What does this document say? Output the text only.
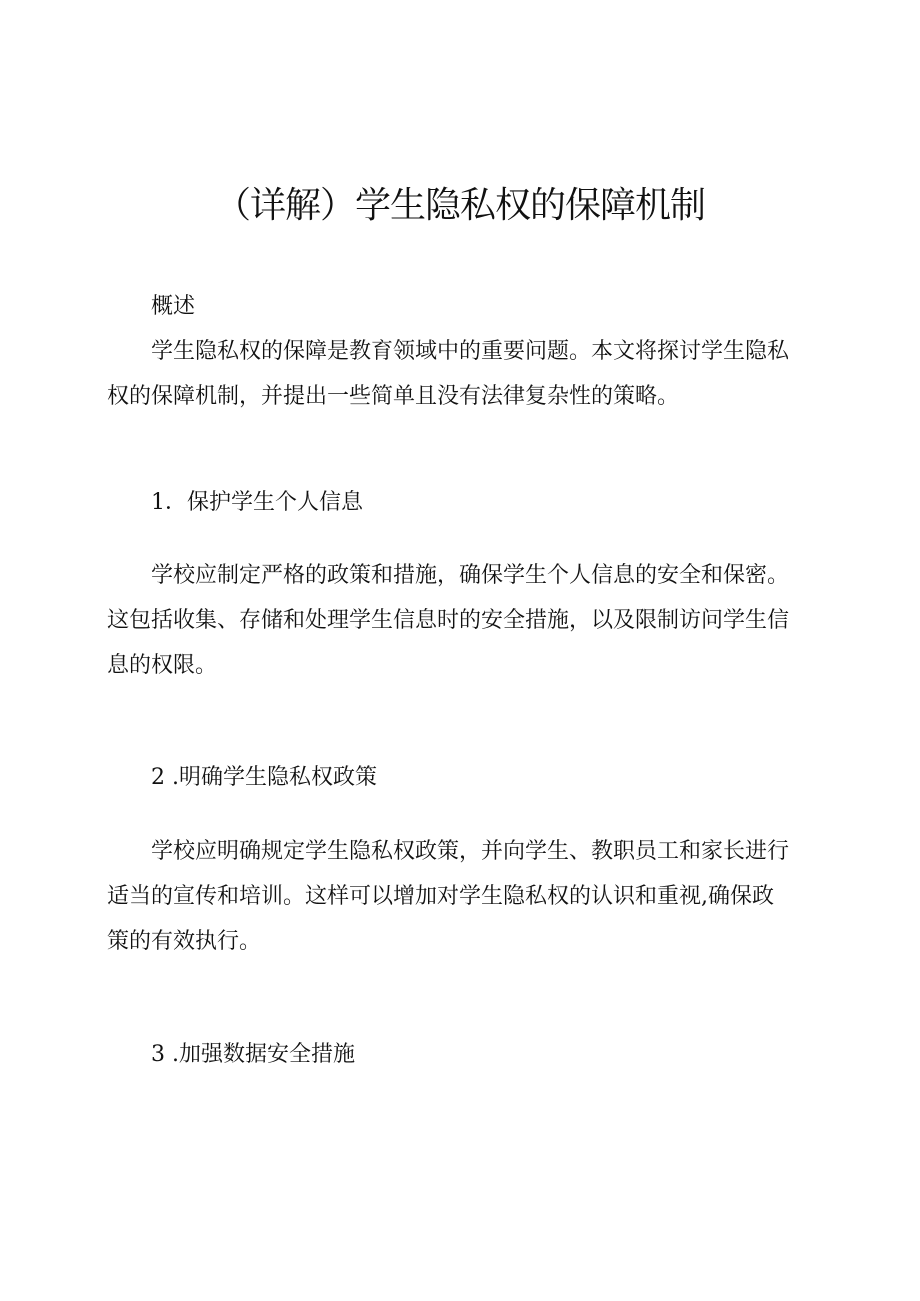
（详解）学生隐私权的保障机制

概述

学生隐私权的保障是教育领域中的重要问题。本文将探讨学生隐私
权的保障机制，并提出一些简单且没有法律复杂性的策略。

1．保护学生个人信息

学校应制定严格的政策和措施，确保学生个人信息的安全和保密。
这包括收集、存储和处理学生信息时的安全措施，以及限制访问学生信
息的权限。

2 .明确学生隐私权政策

学校应明确规定学生隐私权政策，并向学生、教职员工和家长进行
适当的宣传和培训。这样可以增加对学生隐私权的认识和重视,确保政
策的有效执行。

3 .加强数据安全措施
